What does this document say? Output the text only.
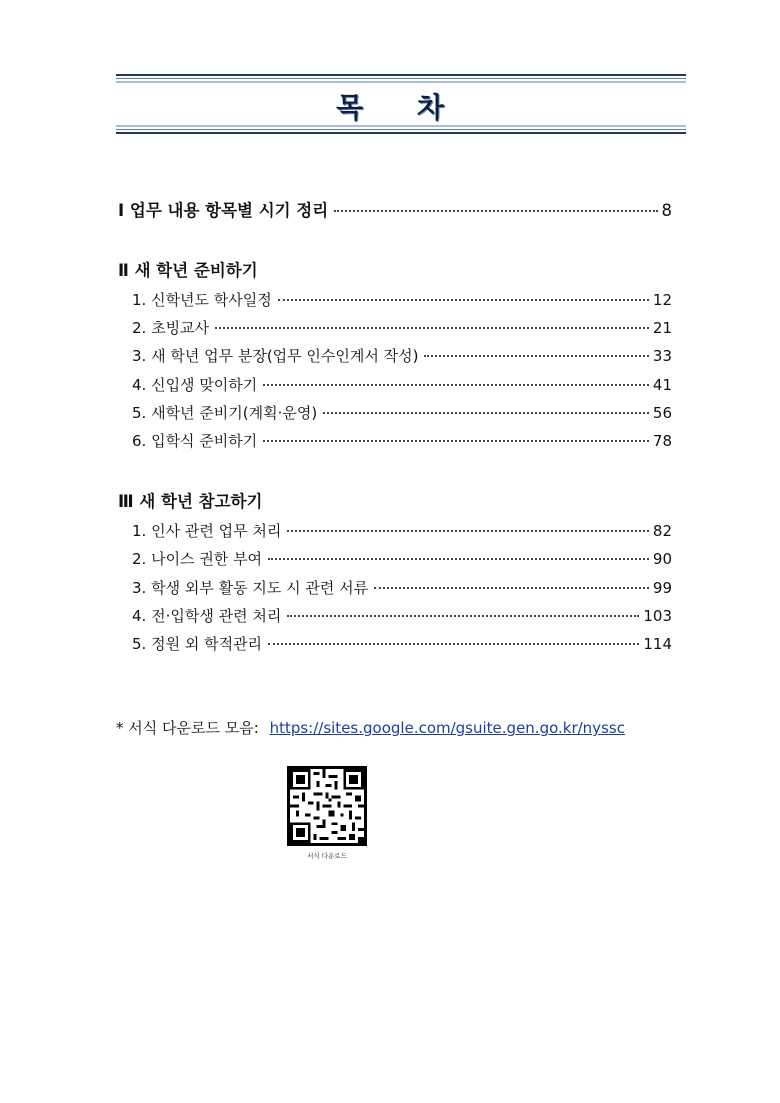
목 차
Ⅰ 업무 내용 항목별 시기 정리	8
Ⅱ 새 학년 준비하기
1. 신학년도 학사일정	12
2. 초빙교사	21
3. 새 학년 업무 분장(업무 인수인계서 작성)	33
4. 신입생 맞이하기	41
5. 새학년 준비기(계획·운영)	56
6. 입학식 준비하기	78
Ⅲ 새 학년 참고하기
1. 인사 관련 업무 처리	82
2. 나이스 권한 부여	90
3. 학생 외부 활동 지도 시 관련 서류	99
4. 전·입학생 관련 처리	103
5. 정원 외 학적관리	114
* 서식 다운로드 모음: https://sites.google.com/gsuite.gen.go.kr/nyssc
서식 다운로드
